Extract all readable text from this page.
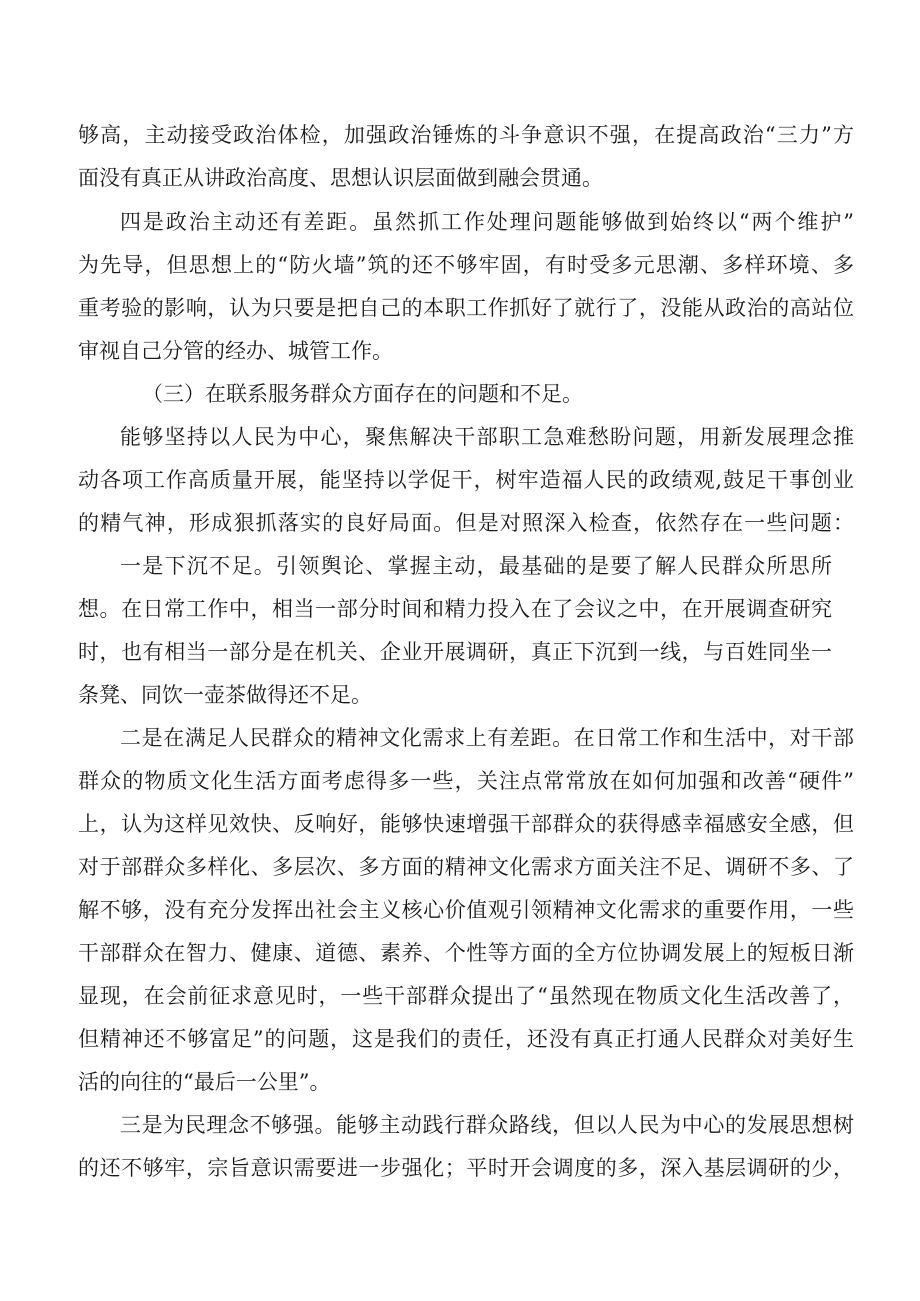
够高，主动接受政治体检，加强政治锤炼的斗争意识不强，在提高政治“三力”方
面没有真正从讲政治高度、思想认识层面做到融会贯通。
四是政治主动还有差距。虽然抓工作处理问题能够做到始终以“两个维护”
为先导，但思想上的“防火墙”筑的还不够牢固，有时受多元思潮、多样环境、多
重考验的影响，认为只要是把自己的本职工作抓好了就行了，没能从政治的高站位
审视自己分管的经办、城管工作。
（三）在联系服务群众方面存在的问题和不足。
能够坚持以人民为中心，聚焦解决干部职工急难愁盼问题，用新发展理念推
动各项工作高质量开展，能坚持以学促干，树牢造福人民的政绩观,鼓足干事创业
的精气神，形成狠抓落实的良好局面。但是对照深入检查，依然存在一些问题：
一是下沉不足。引领舆论、掌握主动，最基础的是要了解人民群众所思所
想。在日常工作中，相当一部分时间和精力投入在了会议之中，在开展调查研究
时，也有相当一部分是在机关、企业开展调研，真正下沉到一线，与百姓同坐一
条凳、同饮一壶茶做得还不足。
二是在满足人民群众的精神文化需求上有差距。在日常工作和生活中，对干部
群众的物质文化生活方面考虑得多一些，关注点常常放在如何加强和改善“硬件”
上，认为这样见效快、反响好，能够快速增强干部群众的获得感幸福感安全感，但
对于部群众多样化、多层次、多方面的精神文化需求方面关注不足、调研不多、了
解不够，没有充分发挥出社会主义核心价值观引领精神文化需求的重要作用，一些
干部群众在智力、健康、道德、素养、个性等方面的全方位协调发展上的短板日渐
显现，在会前征求意见时，一些干部群众提出了“虽然现在物质文化生活改善了，
但精神还不够富足”的问题，这是我们的责任，还没有真正打通人民群众对美好生
活的向往的“最后一公里”。
三是为民理念不够强。能够主动践行群众路线，但以人民为中心的发展思想树
的还不够牢，宗旨意识需要进一步强化；平时开会调度的多，深入基层调研的少，
